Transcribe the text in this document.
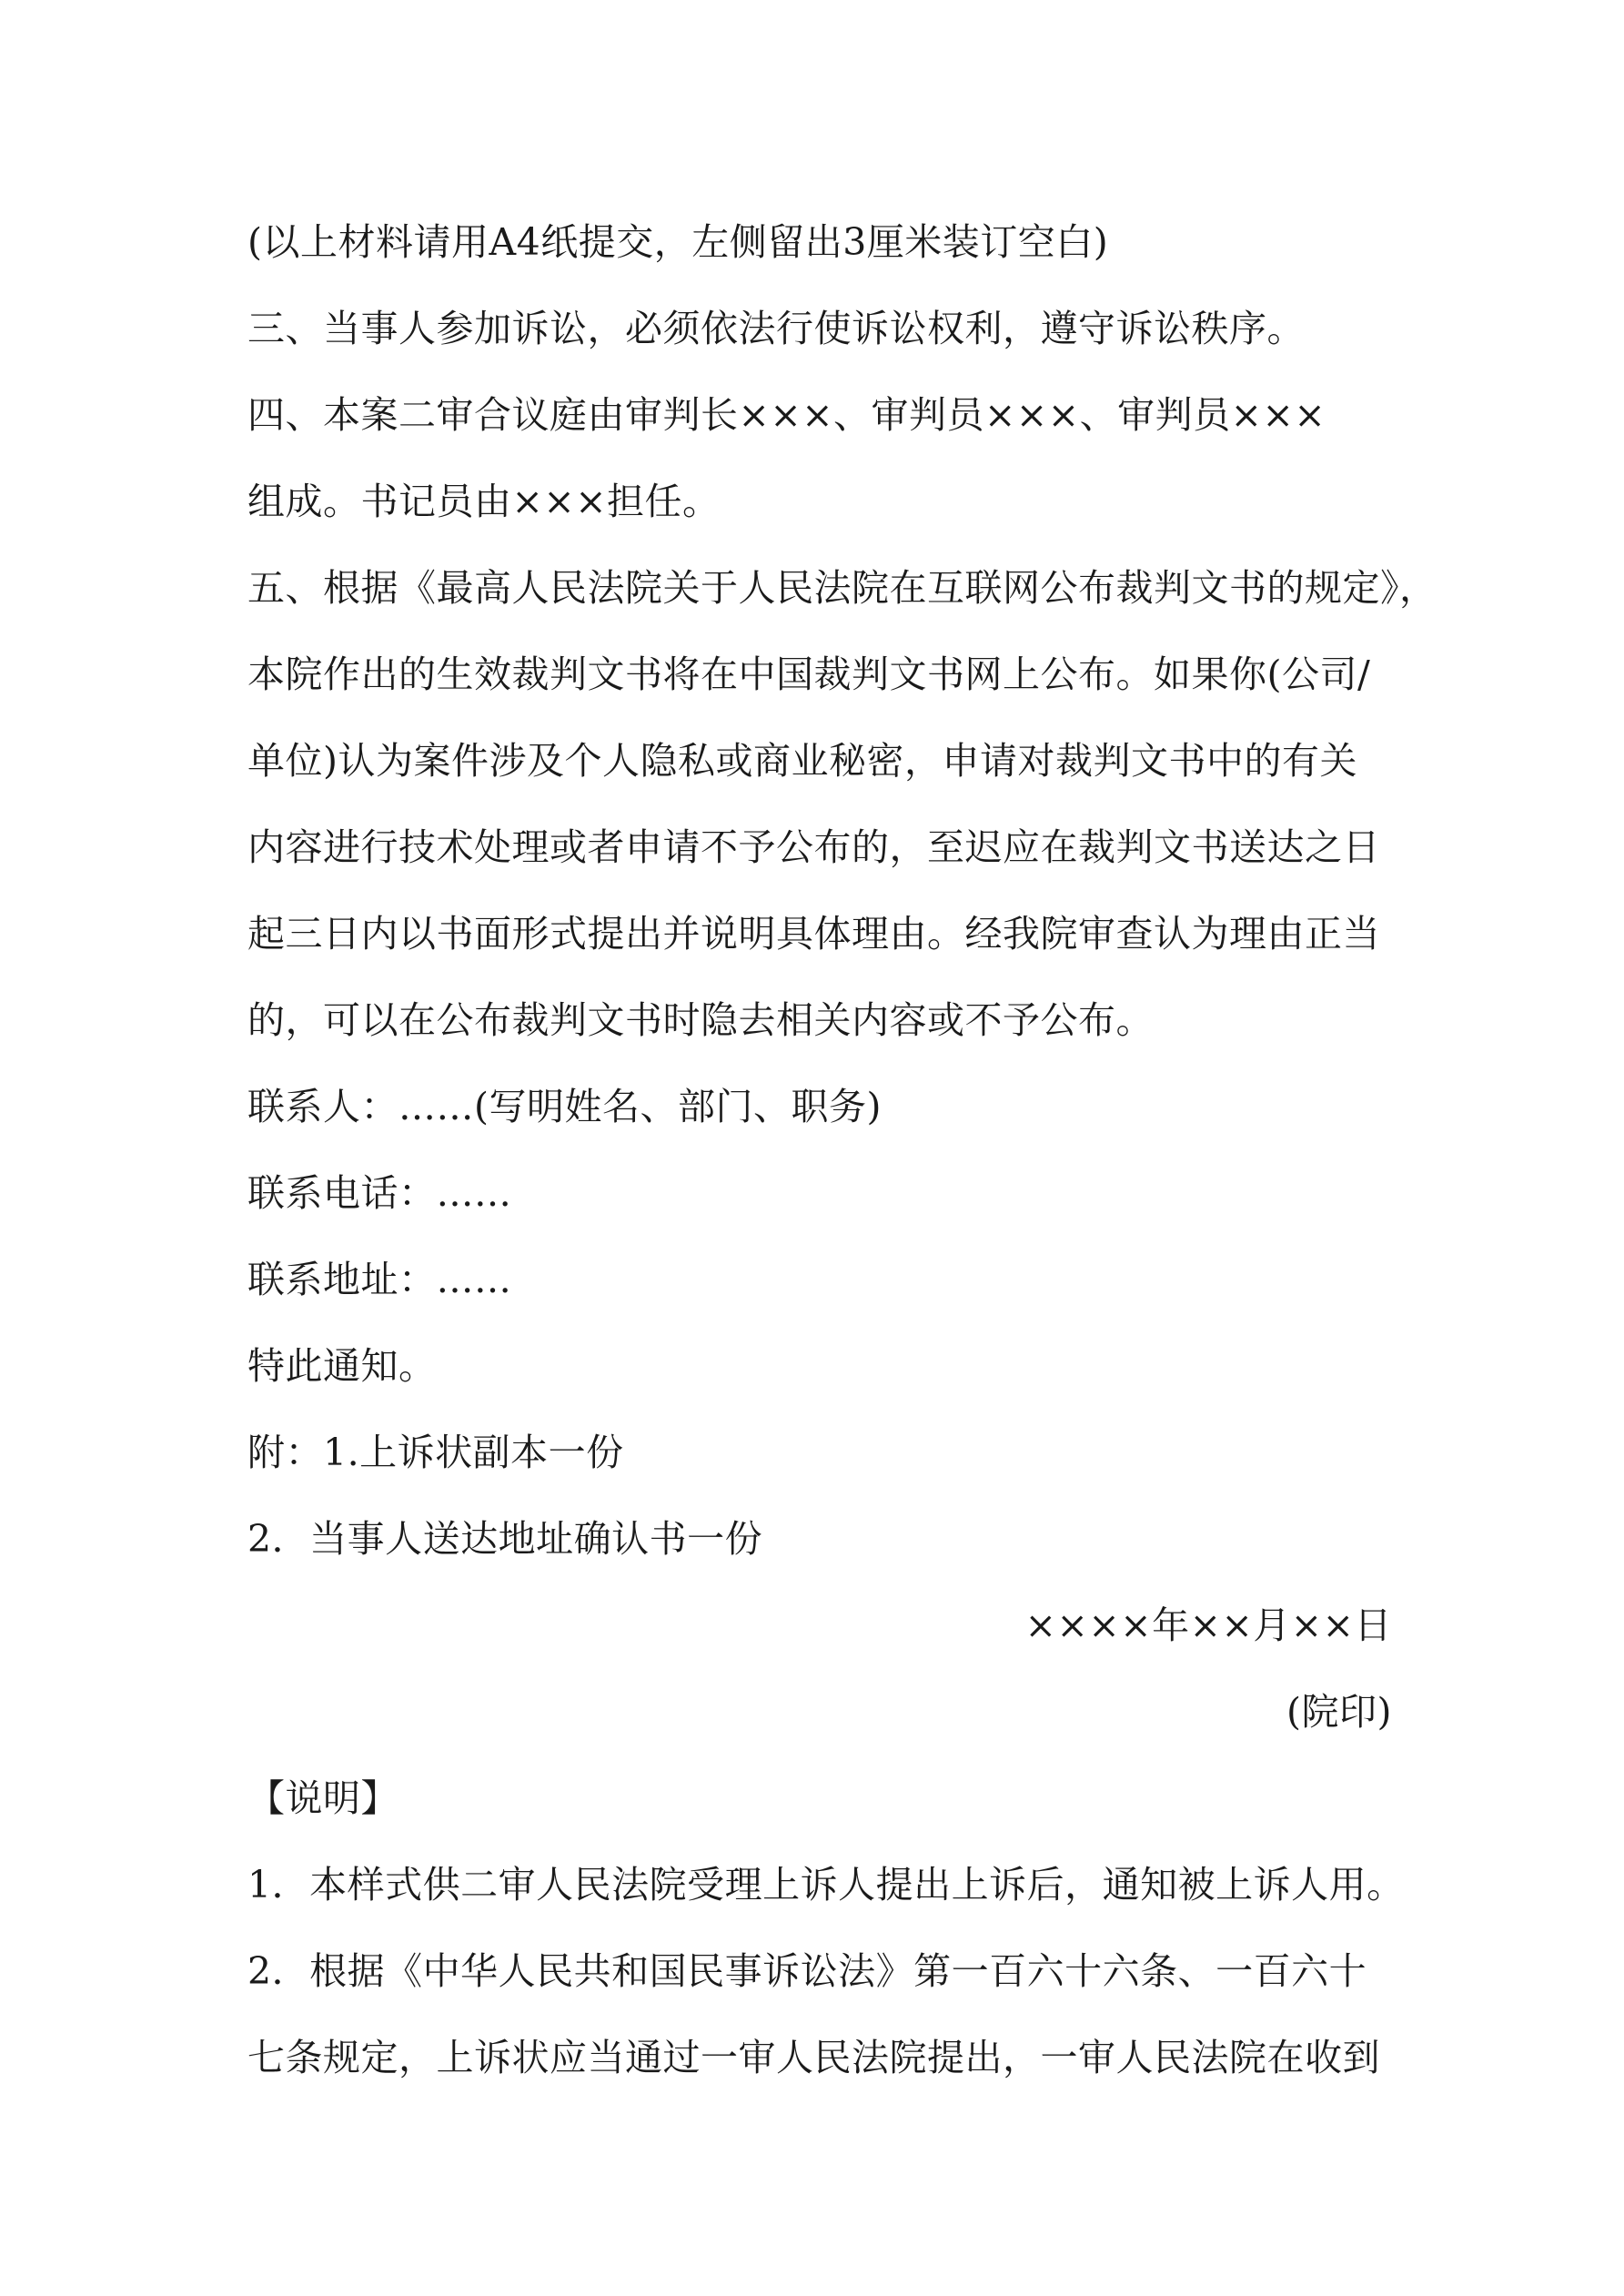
(以上材料请用A4纸提交，左侧留出3厘米装订空白)
三、当事人参加诉讼，必须依法行使诉讼权利，遵守诉讼秩序。
四、本案二审合议庭由审判长×××、审判员×××、审判员×××
组成。书记员由×××担任。
五、根据《最高人民法院关于人民法院在互联网公布裁判文书的规定》，
本院作出的生效裁判文书将在中国裁判文书网上公布。如果你(公司/
单位)认为案件涉及个人隐私或商业秘密，申请对裁判文书中的有关
内容进行技术处理或者申请不予公布的，至迟应在裁判文书送达之日
起三日内以书面形式提出并说明具体理由。经我院审查认为理由正当
的，可以在公布裁判文书时隐去相关内容或不予公布。
联系人：……(写明姓名、部门、职务)
联系电话：……
联系地址：……
特此通知。
附：1.上诉状副本一份
2．当事人送达地址确认书一份
××××年××月××日
(院印)
【说明】
1．本样式供二审人民法院受理上诉人提出上诉后，通知被上诉人用。
2．根据《中华人民共和国民事诉讼法》第一百六十六条、一百六十
七条规定，上诉状应当通过一审人民法院提出，一审人民法院在收到
